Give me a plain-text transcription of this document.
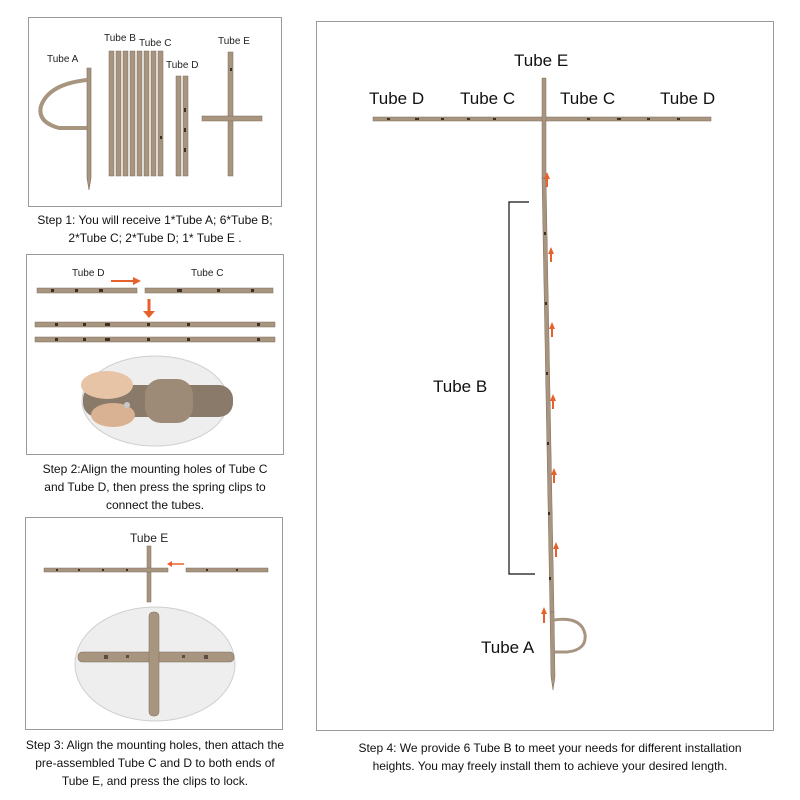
Tube A
Tube B Tube C
Tube D
Tube E
Step 1: You will receive 1*Tube A; 6*Tube B;
2*Tube C; 2*Tube D; 1* Tube E .
Tube D	Tube C
Step 2:Align the mounting holes of Tube C
and Tube D, then press the spring clips to
connect the tubes.
Tube E
Step 3: Align the mounting holes, then attach the
pre-assembled Tube C and D to both ends of
Tube E, and press the clips to lock.
Tube E
Tube D Tube C	Tube C	Tube D
Tube B
Tube A
Step 4: We provide 6 Tube B to meet your needs for different installation
heights. You may freely install them to achieve your desired length.
